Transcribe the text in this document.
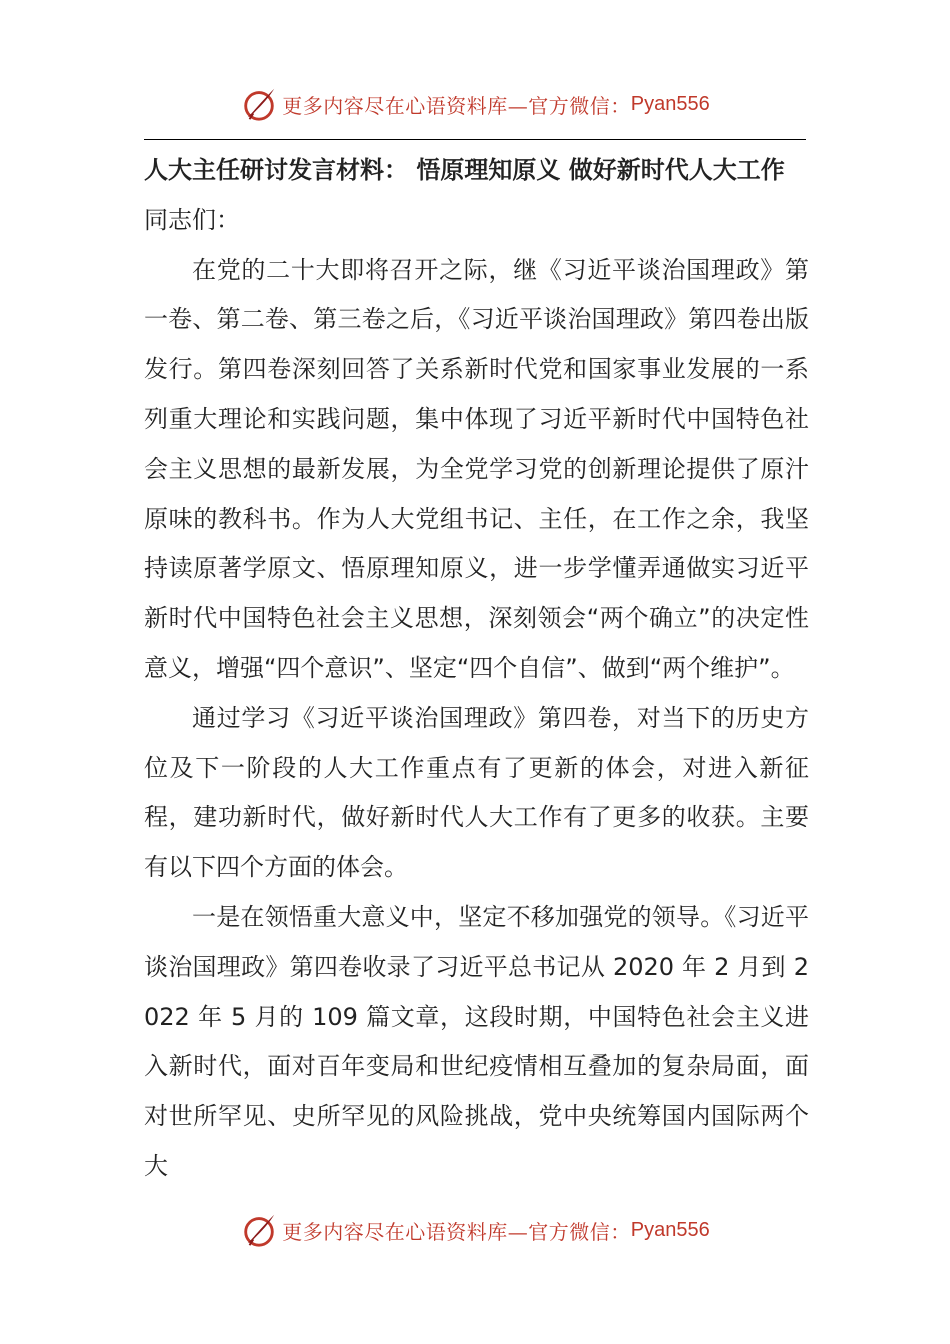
更多内容尽在心语资料库—官方微信： Pyan556
人大主任研讨发言材料： 悟原理知原义 做好新时代人大工作

同志们：

在党的二十大即将召开之际，继《习近平谈治国理政》第一卷、第二卷、第三卷之后，《习近平谈治国理政》第四卷出版发行。第四卷深刻回答了关系新时代党和国家事业发展的一系列重大理论和实践问题，集中体现了习近平新时代中国特色社会主义思想的最新发展，为全党学习党的创新理论提供了原汁原味的教科书。作为人大党组书记、主任，在工作之余，我坚持读原著学原文、悟原理知原义，进一步学懂弄通做实习近平新时代中国特色社会主义思想，深刻领会“两个确立”的决定性意义，增强“四个意识”、坚定“四个自信”、做到“两个维护”。

通过学习《习近平谈治国理政》第四卷，对当下的历史方位及下一阶段的人大工作重点有了更新的体会，对进入新征程，建功新时代，做好新时代人大工作有了更多的收获。主要有以下四个方面的体会。

一是在领悟重大意义中，坚定不移加强党的领导。《习近平谈治国理政》第四卷收录了习近平总书记从 2020 年 2 月到 2022 年 5 月的 109 篇文章，这段时期，中国特色社会主义进入新时代，面对百年变局和世纪疫情相互叠加的复杂局面，面对世所罕见、史所罕见的风险挑战，党中央统筹国内国际两个大

更多内容尽在心语资料库—官方微信： Pyan556
